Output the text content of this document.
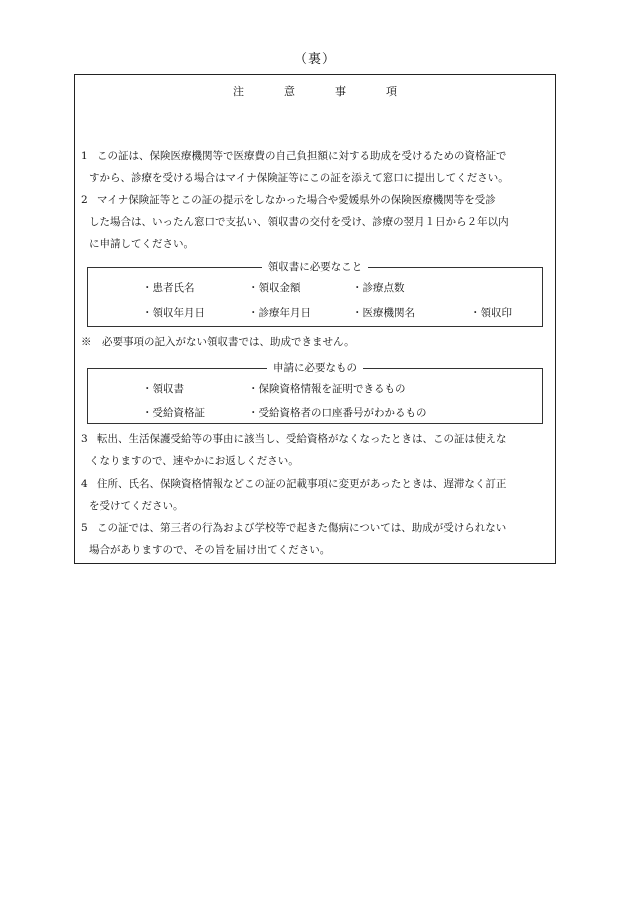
（裏）
注	意	事	項

1 この証は、保険医療機関等で医療費の自己負担額に対する助成を受けるための資格証で
すから、診療を受ける場合はマイナ保険証等にこの証を添えて窓口に提出してください。

2 マイナ保険証等とこの証の提示をしなかった場合や愛媛県外の保険医療機関等を受診
した場合は、いったん窓口で支払い、領収書の交付を受け、診療の翌月１日から２年以内
に申請してください。

領収書に必要なこと
・患者氏名	・領収金額	・診療点数
・領収年月日	・診療年月日	・医療機関名	・領収印
※　必要事項の記入がない領収書では、助成できません。
申請に必要なもの
・領収書	・保険資格情報を証明できるもの
・受給資格証	・受給資格者の口座番号がわかるもの

3 転出、生活保護受給等の事由に該当し、受給資格がなくなったときは、この証は使えな
くなりますので、速やかにお返しください。

4 住所、氏名、保険資格情報などこの証の記載事項に変更があったときは、遅滞なく訂正
を受けてください。

5 この証では、第三者の行為および学校等で起きた傷病については、助成が受けられない
場合がありますので、その旨を届け出てください。
